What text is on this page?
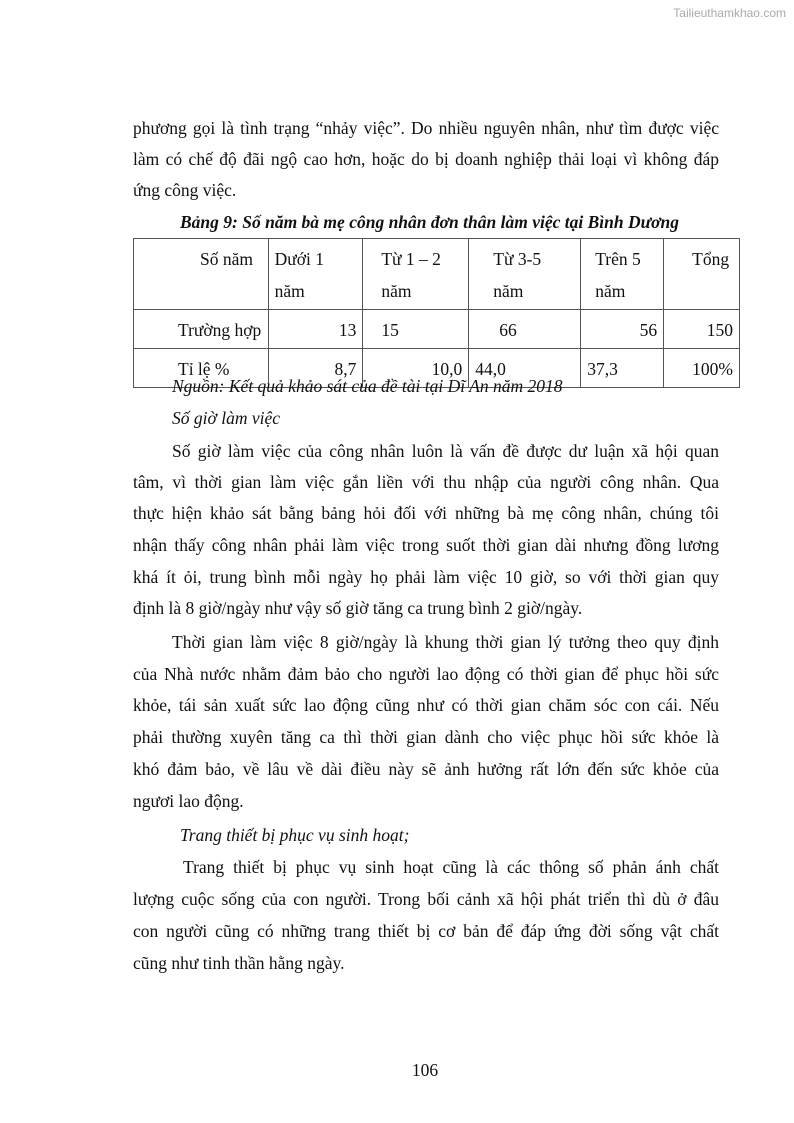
Tailieuthamkhao.com
phương gọi là tình trạng “nhảy việc”. Do nhiều nguyên nhân, như tìm được việc
làm có chế độ đãi ngộ cao hơn, hoặc do bị doanh nghiệp thải loại vì không đáp
ứng công việc.
Bảng 9: Số năm bà mẹ công nhân đơn thân làm việc tại Bình Dương
Số năm	Dưới 1 năm	Từ 1 – 2 năm	Từ 3-5 năm	Trên 5 năm	Tổng
Trường hợp	13	15	66	56	150
Tỉ lệ %	8,7	10,0	44,0	37,3	100%
Nguồn: Kết quả khảo sát của đề tài tại Dĩ An năm 2018
Số giờ làm việc
Số giờ làm việc của công nhân luôn là vấn đề được dư luận xã hội quan
tâm, vì thời gian làm việc gắn liền với thu nhập của người công nhân. Qua
thực hiện khảo sát bằng bảng hỏi đối với những bà mẹ công nhân, chúng tôi
nhận thấy công nhân phải làm việc trong suốt thời gian dài nhưng đồng lương
khá ít ỏi, trung bình mỗi ngày họ phải làm việc 10 giờ, so với thời gian quy
định là 8 giờ/ngày như vậy số giờ tăng ca trung bình 2 giờ/ngày.
Thời gian làm việc 8 giờ/ngày là khung thời gian lý tưởng theo quy định
của Nhà nước nhằm đảm bảo cho người lao động có thời gian để phục hồi sức
khỏe, tái sản xuất sức lao động cũng như có thời gian chăm sóc con cái. Nếu
phải thường xuyên tăng ca thì thời gian dành cho việc phục hồi sức khỏe là
khó đảm bảo, về lâu về dài điều này sẽ ảnh hưởng rất lớn đến sức khỏe của
ngươi lao động.
Trang thiết bị phục vụ sinh hoạt;
Trang thiết bị phục vụ sinh hoạt cũng là các thông số phản ánh chất
lượng cuộc sống của con người. Trong bối cảnh xã hội phát triển thì dù ở đâu
con người cũng có những trang thiết bị cơ bản để đáp ứng đời sống vật chất
cũng như tinh thần hằng ngày.
106
